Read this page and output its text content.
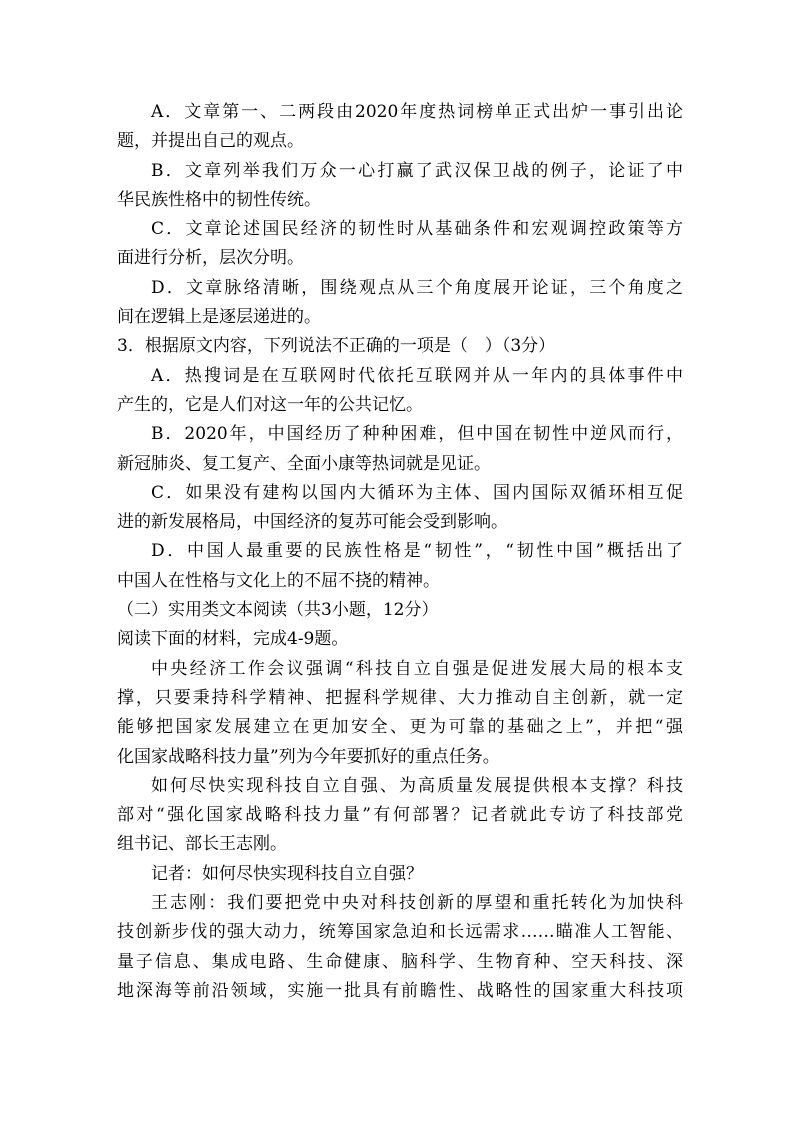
A．文章第一、二两段由2020年度热词榜单正式出炉一事引出论
题，并提出自己的观点。
B．文章列举我们万众一心打赢了武汉保卫战的例子，论证了中
华民族性格中的韧性传统。
C．文章论述国民经济的韧性时从基础条件和宏观调控政策等方
面进行分析，层次分明。
D．文章脉络清晰，围绕观点从三个角度展开论证，三个角度之
间在逻辑上是逐层递进的。
3．根据原文内容，下列说法不正确的一项是（　）（3分）
A．热搜词是在互联网时代依托互联网并从一年内的具体事件中
产生的，它是人们对这一年的公共记忆。
B．2020年，中国经历了种种困难，但中国在韧性中逆风而行，
新冠肺炎、复工复产、全面小康等热词就是见证。
C．如果没有建构以国内大循环为主体、国内国际双循环相互促
进的新发展格局，中国经济的复苏可能会受到影响。
D．中国人最重要的民族性格是“韧性”，“韧性中国”概括出了
中国人在性格与文化上的不屈不挠的精神。
（二）实用类文本阅读（共3小题，12分）
阅读下面的材料，完成4-9题。
中央经济工作会议强调“科技自立自强是促进发展大局的根本支
撑，只要秉持科学精神、把握科学规律、大力推动自主创新，就一定
能够把国家发展建立在更加安全、更为可靠的基础之上”，并把“强
化国家战略科技力量”列为今年要抓好的重点任务。
如何尽快实现科技自立自强、为高质量发展提供根本支撑？科技
部对“强化国家战略科技力量”有何部署？记者就此专访了科技部党
组书记、部长王志刚。
记者：如何尽快实现科技自立自强？
王志刚：我们要把党中央对科技创新的厚望和重托转化为加快科
技创新步伐的强大动力，统筹国家急迫和长远需求……瞄准人工智能、
量子信息、集成电路、生命健康、脑科学、生物育种、空天科技、深
地深海等前沿领域，实施一批具有前瞻性、战略性的国家重大科技项
